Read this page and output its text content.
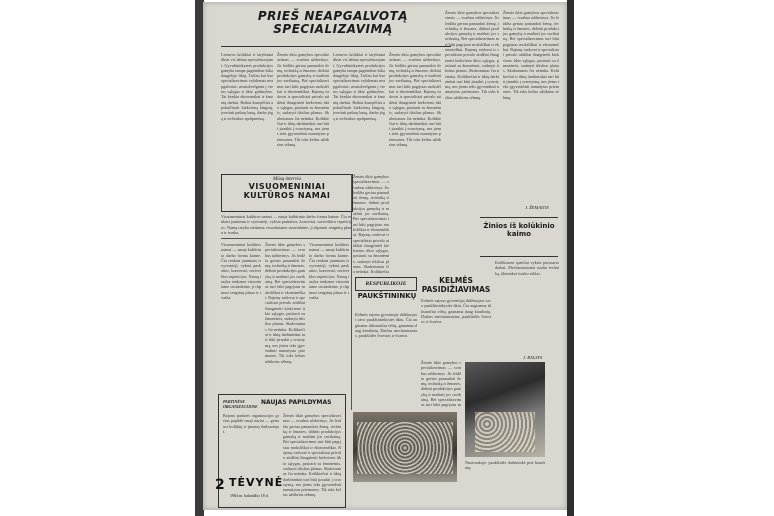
PRIEŠ NEAPGALVOTĄ SPECIALIZAVIMĄ
Lietuvos kolūkiai ir tarybiniai ūkiai vis labiau specializuojami. Gyvulininkystės produkcijos gamyba tampa pagrindine šaka daugelyje ūkių. Tačiau kai kur specializavimas vykdomas neapgalvotai, neatsižvelgiant į vietos sąlygas ir ūkio galimybes. Tai kenkia ekonomikai ir žmonių darbui. Reikia kruopščiai apskaičiuoti kiekvieną žingsnį, įvertinti pašarų bazę, darbo jėgą ir technikos aprūpinimą.
Žemės ūkio gamybos specializavimas — svarbus uždavinys. Jis leidžia geriau panaudoti žemę, techniką ir žmones, didinti produkcijos gamybą ir mažinti jos savikainą. Bet specializavimas turi būti pagrįstas moksliškai ir ekonomiškai. Rajonų vadovai ir specialistai privalo atidžiai išnagrinėti kiekvieno ūkio sąlygas, pasitarti su žmonėmis, sudaryti tikslius planus. Skubotumas čia netinka. Kolūkiečiai ir ūkių darbininkai turi būti įtraukti į svarstymą, nes jiems teks įgyvendinti numatytas priemones. Tik toks kelias užtikrins sėkmę.
Lietuvos kolūkiai ir tarybiniai ūkiai vis labiau specializuojami. Gyvulininkystės produkcijos gamyba tampa pagrindine šaka daugelyje ūkių. Tačiau kai kur specializavimas vykdomas neapgalvotai, neatsižvelgiant į vietos sąlygas ir ūkio galimybes. Tai kenkia ekonomikai ir žmonių darbui. Reikia kruopščiai apskaičiuoti kiekvieną žingsnį, įvertinti pašarų bazę, darbo jėgą ir technikos aprūpinimą.
Žemės ūkio gamybos specializavimas — svarbus uždavinys. Jis leidžia geriau panaudoti žemę, techniką ir žmones, didinti produkcijos gamybą ir mažinti jos savikainą. Bet specializavimas turi būti pagrįstas moksliškai ir ekonomiškai. Rajonų vadovai ir specialistai privalo atidžiai išnagrinėti kiekvieno ūkio sąlygas, pasitarti su žmonėmis, sudaryti tikslius planus. Skubotumas čia netinka. Kolūkiečiai ir ūkių darbininkai turi būti įtraukti į svarstymą, nes jiems teks įgyvendinti numatytas priemones. Tik toks kelias užtikrins sėkmę.
Žemės ūkio gamybos specializavimas — svarbus uždavinys. Jis leidžia geriau panaudoti žemę, techniką ir žmones, didinti produkcijos gamybą ir mažinti jos savikainą. Bet specializavimas turi būti pagrįstas moksliškai ir ekonomiškai. Rajonų vadovai ir specialistai privalo atidžiai išnagrinėti kiekvieno ūkio sąlygas, pasitarti su žmonėmis, sudaryti tikslius planus. Skubotumas čia netinka. Kolūkiečiai ir ūkių darbininkai turi būti įtraukti į svarstymą, nes jiems teks įgyvendinti numatytas priemones. Tik toks kelias užtikrins sėkmę.
Žemės ūkio gamybos specializavimas — svarbus uždavinys. Jis leidžia geriau panaudoti žemę, techniką ir žmones, didinti produkcijos gamybą ir mažinti jos savikainą. Bet specializavimas turi būti pagrįstas moksliškai ir ekonomiškai. Rajonų vadovai ir specialistai privalo atidžiai išnagrinėti kiekvieno ūkio sąlygas, pasitarti su žmonėmis, sudaryti tikslius planus. Skubotumas čia netinka. Kolūkiečiai ir ūkių darbininkai turi būti įtraukti į svarstymą, nes jiems teks įgyvendinti numatytas priemones. Tik toks kelias užtikrins sėkmę.
J. ŽEMAITIS
Mūsų interviu
VISUOMENINIAI KULTŪROS NAMAI
Visuomeniniai kultūros namai — nauja kultūrinio darbo forma kaime. Čia renkasi jaunimas ir vyresnieji, vyksta paskaitos, koncertai, saviveiklos repeticijos. Namų taryba renkama visuotiniame susirinkime, ji rūpinasi renginių planu ir tvarka.
Visuomeniniai kultūros namai — nauja kultūrinio darbo forma kaime. Čia renkasi jaunimas ir vyresnieji, vyksta paskaitos, koncertai, saviveiklos repeticijos. Namų taryba renkama visuotiniame susirinkime, ji rūpinasi renginių planu ir tvarka.
Žemės ūkio gamybos specializavimas — svarbus uždavinys. Jis leidžia geriau panaudoti žemę, techniką ir žmones, didinti produkcijos gamybą ir mažinti jos savikainą. Bet specializavimas turi būti pagrįstas moksliškai ir ekonomiškai. Rajonų vadovai ir specialistai privalo atidžiai išnagrinėti kiekvieno ūkio sąlygas, pasitarti su žmonėmis, sudaryti tikslius planus. Skubotumas čia netinka. Kolūkiečiai ir ūkių darbininkai turi būti įtraukti į svarstymą, nes jiems teks įgyvendinti numatytas priemones. Tik toks kelias užtikrins sėkmę.
Visuomeniniai kultūros namai — nauja kultūrinio darbo forma kaime. Čia renkasi jaunimas ir vyresnieji, vyksta paskaitos, koncertai, saviveiklos repeticijos. Namų taryba renkama visuotiniame susirinkime, ji rūpinasi renginių planu ir tvarka.
Žemės ūkio gamybos specializavimas — svarbus uždavinys. Jis leidžia geriau panaudoti žemę, techniką ir žmones, didinti produkcijos gamybą ir mažinti jos savikainą. Bet specializavimas turi būti pagrįstas moksliškai ir ekonomiškai. Rajonų vadovai ir specialistai privalo atidžiai išnagrinėti kiekvieno ūkio sąlygas, pasitarti su žmonėmis, sudaryti tikslius planus. Skubotumas čia netinka. Kolūkiečia
RESPUBLIKOJE	KELMĖS PASIDIŽIAVIMAS
PAUKŠTININKŲ
Kelmės rajono gyventojai didžiuojasi savo paukštininkystės ūkiu. Čia auginama tūkstančiai vištų, gaunama daug kiaušinių. Darbas mechanizuotas, paukštidės šviesios ir švarios.
Kelmės rajono gyventojai didžiuojasi savo paukštininkystės ūkiu. Čia auginama tūkstančiai vištų, gaunama daug kiaušinių. Darbas mechanizuotas, paukštidės šviesios ir švarios.
Žemės ūkio gamybos specializavimas — svarbus uždavinys. Jis leidžia geriau panaudoti žemę, techniką ir žmones, didinti produkcijos gamybą ir mažinti jos savikainą. Bet specializavimas turi būti pagrįstas m
Žinios iš kolūkinio kaimo
Kolūkiuose sparčiai vyksta pavasario darbai. Mechanizatoriai ruošia techniką, ūkininkai tvarko sėklas.
J. BALSYS
Nuotraukoje: paukštidės darbininkė prie kiaušinių.
PARTINĖSE ORGANIZACIJOSE
NAUJAS PAPILDYMAS
Rajono partinės organizacijos gretas papildė nauji nariai — geriausi kolūkių ir įmonių darbuotojai.
Žemės ūkio gamybos specializavimas — svarbus uždavinys. Jis leidžia geriau panaudoti žemę, techniką ir žmones, didinti produkcijos gamybą ir mažinti jos savikainą. Bet specializavimas turi būti pagrįstas moksliškai ir ekonomiškai. Rajonų vadovai ir specialistai privalo atidžiai išnagrinėti kiekvieno ūkio sąlygas, pasitarti su žmonėmis, sudaryti tikslius planus. Skubotumas čia netinka. Kolūkiečiai ir ūkių darbininkai turi būti įtraukti į svarstymą, nes jiems teks įgyvendinti numatytas priemones. Tik toks kelias užtikrins sėkmę.
2 TĖVYNĖ
1964 m. balandžio 18 d.
